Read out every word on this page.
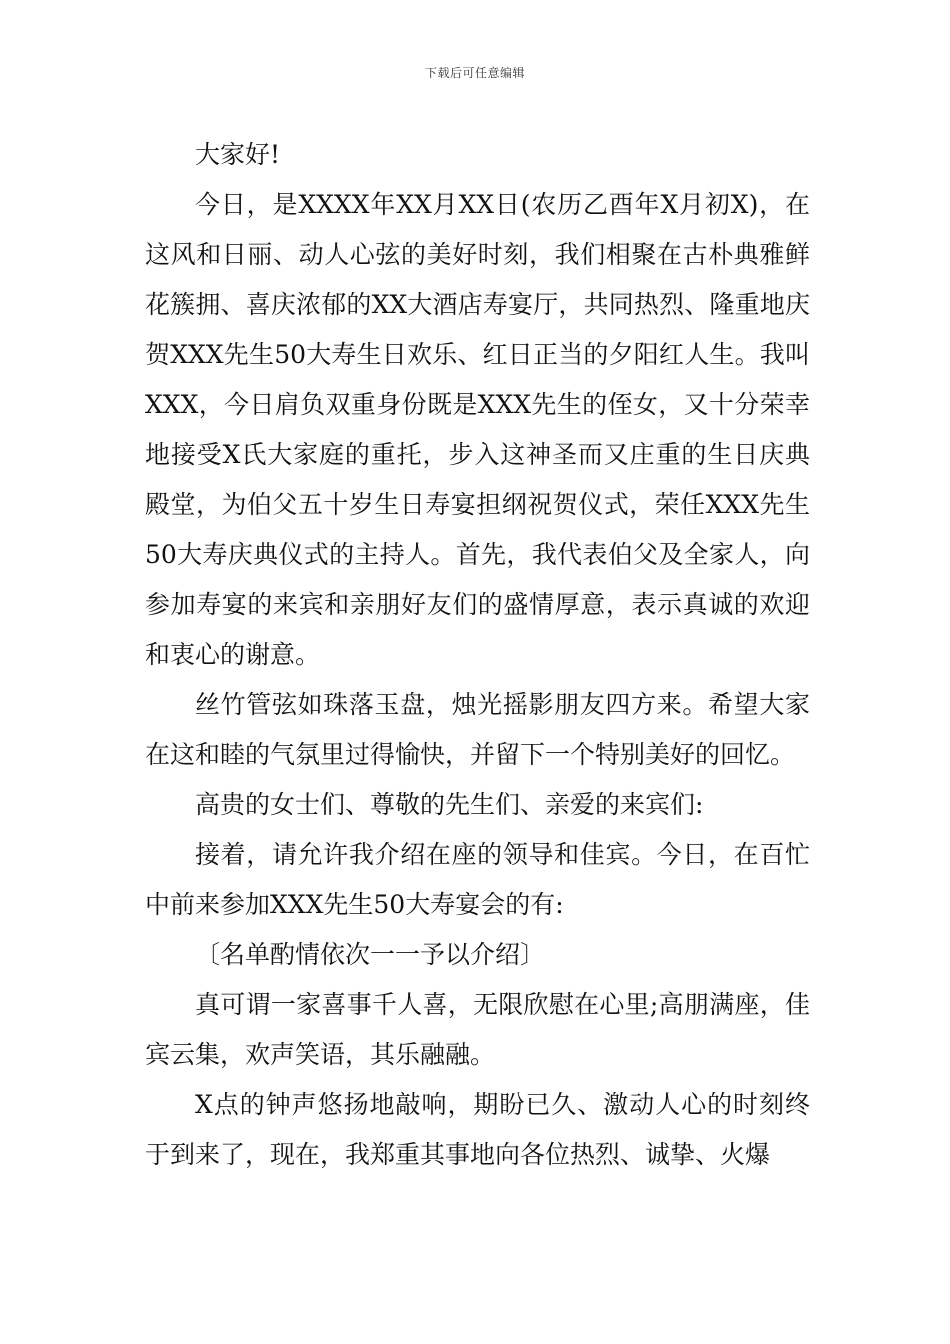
下载后可任意编辑

大家好!

今日，是XXXX年XX月XX日(农历乙酉年X月初X)，在这风和日丽、动人心弦的美好时刻，我们相聚在古朴典雅鲜花簇拥、喜庆浓郁的XX大酒店寿宴厅，共同热烈、隆重地庆贺XXX先生50大寿生日欢乐、红日正当的夕阳红人生。我叫XXX，今日肩负双重身份既是XXX先生的侄女，又十分荣幸地接受X氏大家庭的重托，步入这神圣而又庄重的生日庆典殿堂，为伯父五十岁生日寿宴担纲祝贺仪式，荣任XXX先生50大寿庆典仪式的主持人。首先，我代表伯父及全家人，向参加寿宴的来宾和亲朋好友们的盛情厚意，表示真诚的欢迎和衷心的谢意。

丝竹管弦如珠落玉盘，烛光摇影朋友四方来。希望大家在这和睦的气氛里过得愉快，并留下一个特别美好的回忆。

高贵的女士们、尊敬的先生们、亲爱的来宾们:

接着，请允许我介绍在座的领导和佳宾。今日，在百忙中前来参加XXX先生50大寿宴会的有:

〔名单酌情依次一一予以介绍〕

真可谓一家喜事千人喜，无限欣慰在心里;高朋满座，佳宾云集，欢声笑语，其乐融融。

X点的钟声悠扬地敲响，期盼已久、激动人心的时刻终于到来了，现在，我郑重其事地向各位热烈、诚挚、火爆
